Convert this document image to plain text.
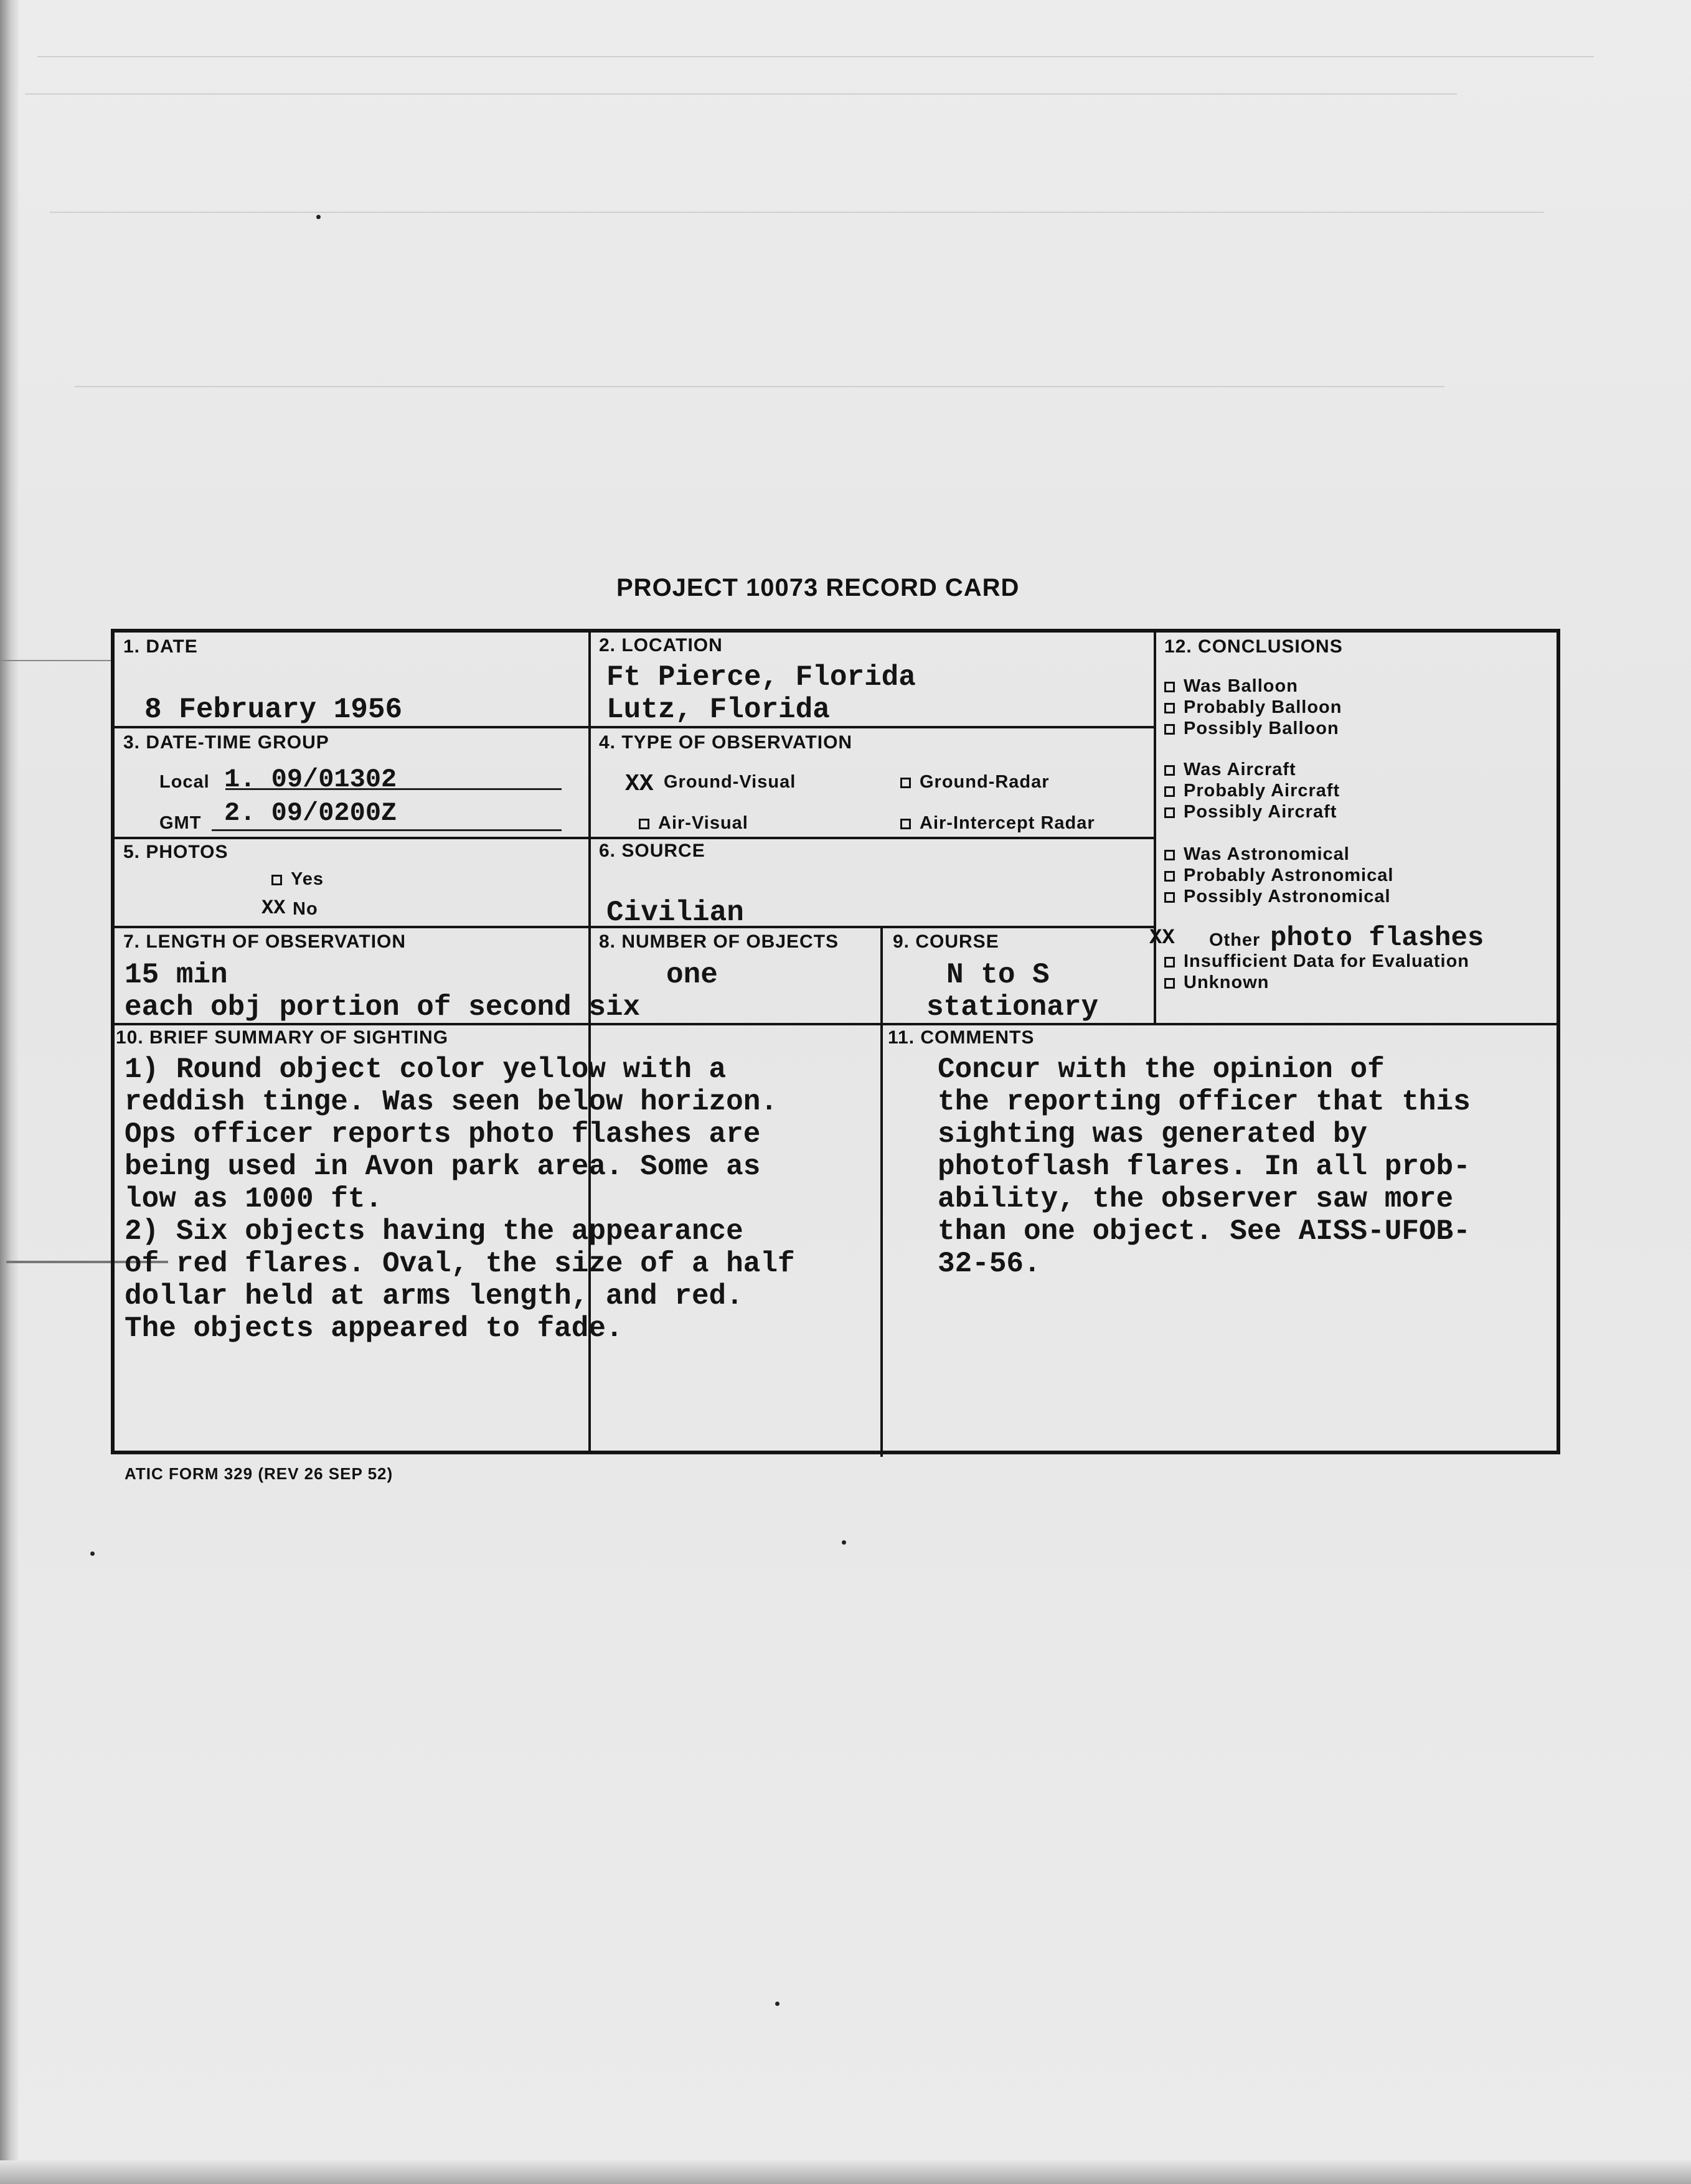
PROJECT 10073 RECORD CARD
1. DATE
8 February 1956
2. LOCATION
Ft Pierce, Florida
Lutz, Florida
3. DATE-TIME GROUP
Local 1. 09/01302
GMT 2. 09/0200Z
4. TYPE OF OBSERVATION
XX Ground-Visual	Ground-Radar
Air-Visual	Air-Intercept Radar
5. PHOTOS
Yes
XX No
6. SOURCE
Civilian
7. LENGTH OF OBSERVATION
15 min
each obj portion of second six
8. NUMBER OF OBJECTS
one
9. COURSE
N to S
stationary
12. CONCLUSIONS
Was Balloon
Probably Balloon
Possibly Balloon
Was Aircraft
Probably Aircraft
Possibly Aircraft
Was Astronomical
Probably Astronomical
Possibly Astronomical
XX Other photo flashes
Insufficient Data for Evaluation
Unknown
10. BRIEF SUMMARY OF SIGHTING
1) Round object color yellow with a
reddish tinge. Was seen below horizon.
Ops officer reports photo flashes are
being used in Avon park area. Some as
low as 1000 ft.
2) Six objects having the appearance
of red flares. Oval, the size of a half
dollar held at arms length, and red.
The objects appeared to fade.
11. COMMENTS
Concur with the opinion of
the reporting officer that this
sighting was generated by
photoflash flares. In all prob-
ability, the observer saw more
than one object. See AISS-UFOB-
32-56.
ATIC FORM 329 (REV 26 SEP 52)
